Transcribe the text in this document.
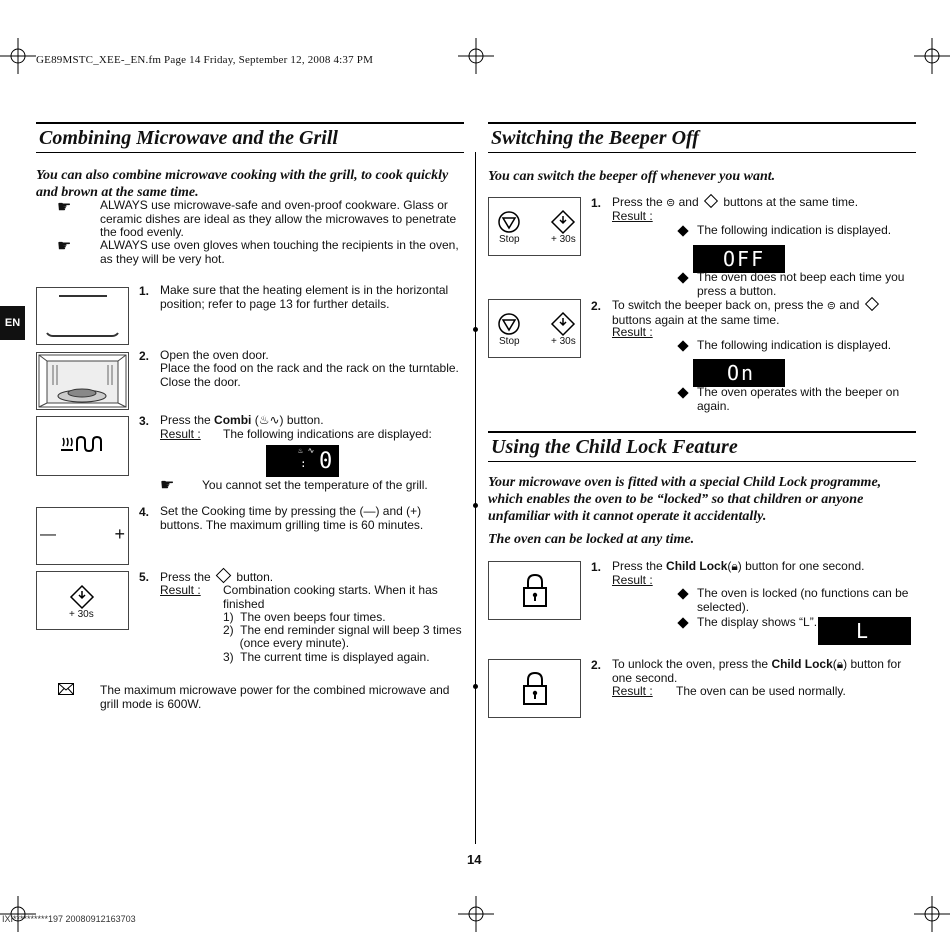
GE89MSTC_XEE-_EN.fm Page 14 Friday, September 12, 2008 4:37 PM
IXI**********197 20080912163703
EN
14
Combining Microwave and the Grill
You can also combine microwave cooking with the grill, to cook quickly and brown at the same time.
☛ ALWAYS use microwave-safe and oven-proof cookware. Glass or ceramic dishes are ideal as they allow the microwaves to penetrate the food evenly.
☛ ALWAYS use oven gloves when touching the recipients in the oven, as they will be very hot.
1. Make sure that the heating element is in the horizontal position; refer to page 13 for further details.
2. Open the oven door.
Place the food on the rack and the rack on the turntable. Close the door.
3. Press the Combi (♨∿) button.
Result : The following indications are displayed:
♨ ∿
: 0
☛ You cannot set the temperature of the grill.
—	+
4. Set the Cooking time by pressing the (—) and (+) buttons. The maximum grilling time is 60 minutes.
+ 30s
5. Press the button.
Result : Combination cooking starts. When it has finished
1)  The oven beeps four times.
2)  The end reminder signal will beep 3 times
(once every minute).
3)  The current time is displayed again.
The maximum microwave power for the combined microwave and grill mode is 600W.
Switching the Beeper Off
You can switch the beeper off whenever you want.
Stop	+ 30s
1. Press the ⊜ and buttons at the same time.
Result :
The following indication is displayed.
OFF
The oven does not beep each time you press a button.
Stop	+ 30s
2. To switch the beeper back on, press the ⊜ and  buttons again at the same time.
Result :
The following indication is displayed.
On
The oven operates with the beeper on again.
Using the Child Lock Feature
Your microwave oven is fitted with a special Child Lock programme, which enables the oven to be “locked” so that children or anyone unfamiliar with it cannot operate it accidentally.
The oven can be locked at any time.
1. Press the Child Lock(🔒︎) button for one second.
Result :
The oven is locked (no functions can be selected).
The display shows “L”. L
2. To unlock the oven, press the Child Lock(🔒︎) button for one second.
Result : The oven can be used normally.
